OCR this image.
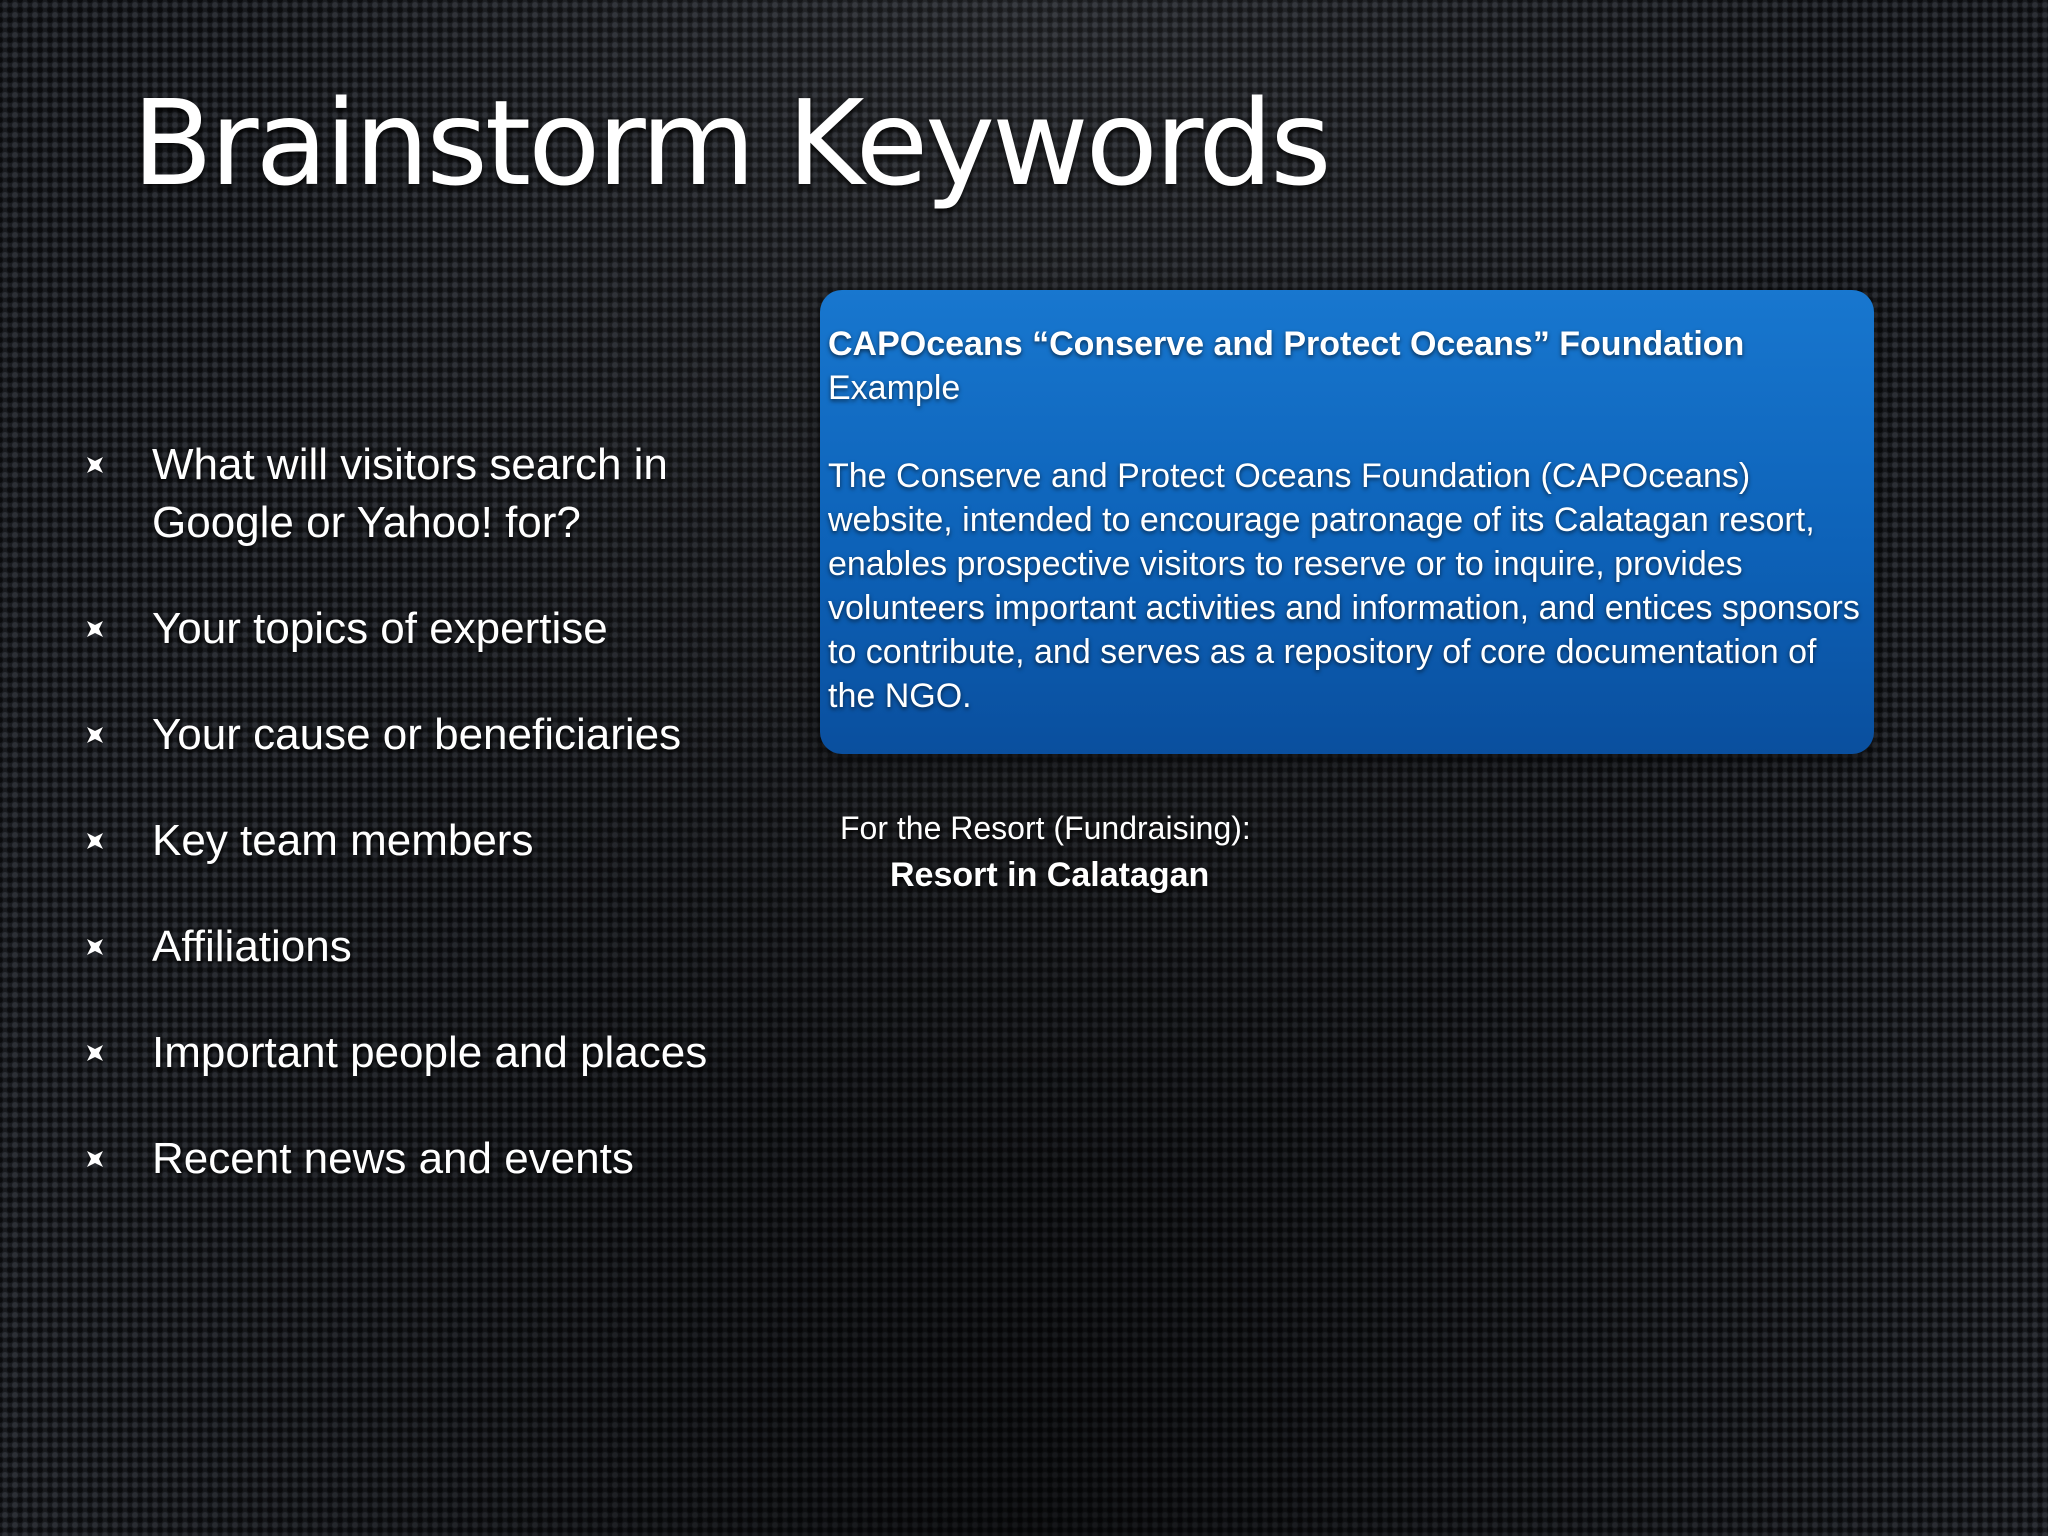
Brainstorm Keywords
What will visitors search in Google or Yahoo! for?
Your topics of expertise
Your cause or beneficiaries
Key team members
Affiliations
Important people and places
Recent news and events
CAPOceans “Conserve and Protect Oceans” Foundation
Example
The Conserve and Protect Oceans Foundation (CAPOceans) website, intended to encourage patronage of its Calatagan resort, enables prospective visitors to reserve or to inquire, provides volunteers important activities and information, and entices sponsors to contribute, and serves as a repository of core documentation of the NGO.
For the Resort (Fundraising):
Resort in Calatagan
